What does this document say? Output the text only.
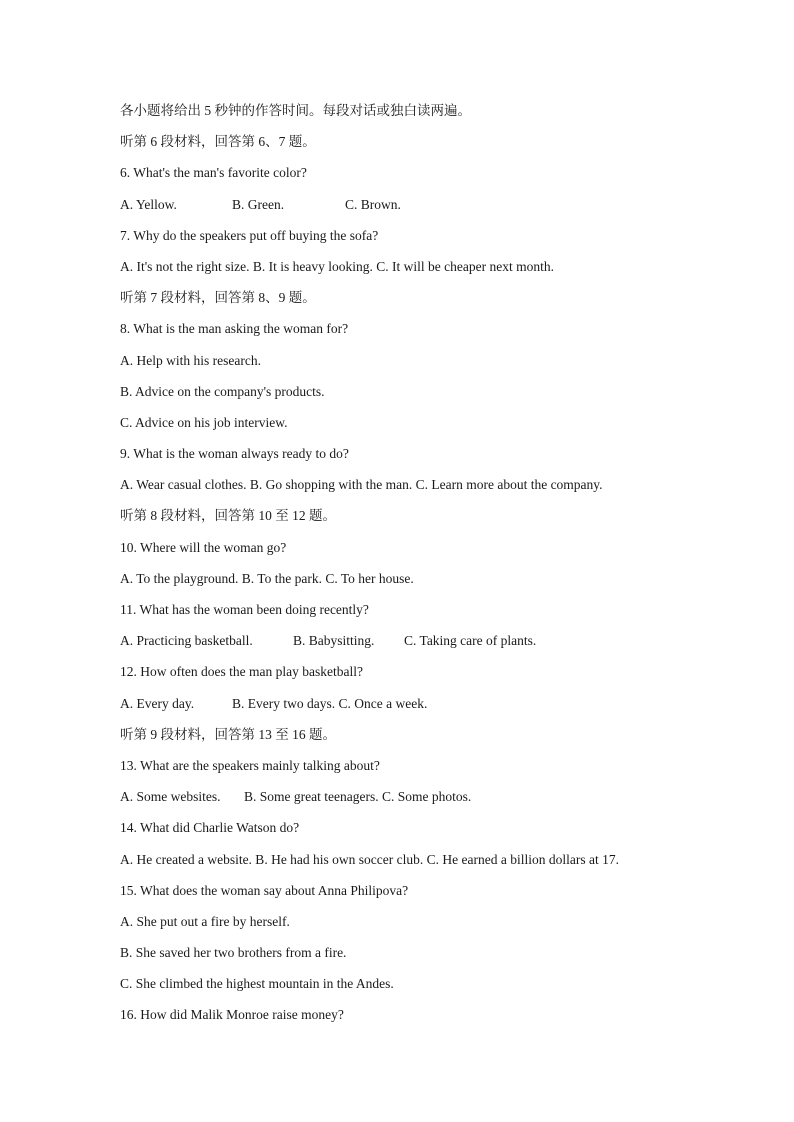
各小题将给出 5 秒钟的作答时间。每段对话或独白读两遍。
听第 6 段材料，回答第 6、7 题。
6. What's the man's favorite color?
A. Yellow.	B. Green.	C. Brown.
7. Why do the speakers put off buying the sofa?
A. It's not the right size. B. It is heavy looking. C. It will be cheaper next month.
听第 7 段材料，回答第 8、9 题。
8. What is the man asking the woman for?
A. Help with his research.
B. Advice on the company's products.
C. Advice on his job interview.
9. What is the woman always ready to do?
A. Wear casual clothes. B. Go shopping with the man. C. Learn more about the company.
听第 8 段材料，回答第 10 至 12 题。
10. Where will the woman go?
A. To the playground. B. To the park. C. To her house.
11. What has the woman been doing recently?
A. Practicing basketball.	B. Babysitting. C. Taking care of plants.
12. How often does the man play basketball?
A. Every day.	B. Every two days. C. Once a week.
听第 9 段材料，回答第 13 至 16 题。
13. What are the speakers mainly talking about?
A. Some websites. B. Some great teenagers. C. Some photos.
14. What did Charlie Watson do?
A. He created a website. B. He had his own soccer club. C. He earned a billion dollars at 17.
15. What does the woman say about Anna Philipova?
A. She put out a fire by herself.
B. She saved her two brothers from a fire.
C. She climbed the highest mountain in the Andes.
16. How did Malik Monroe raise money?
